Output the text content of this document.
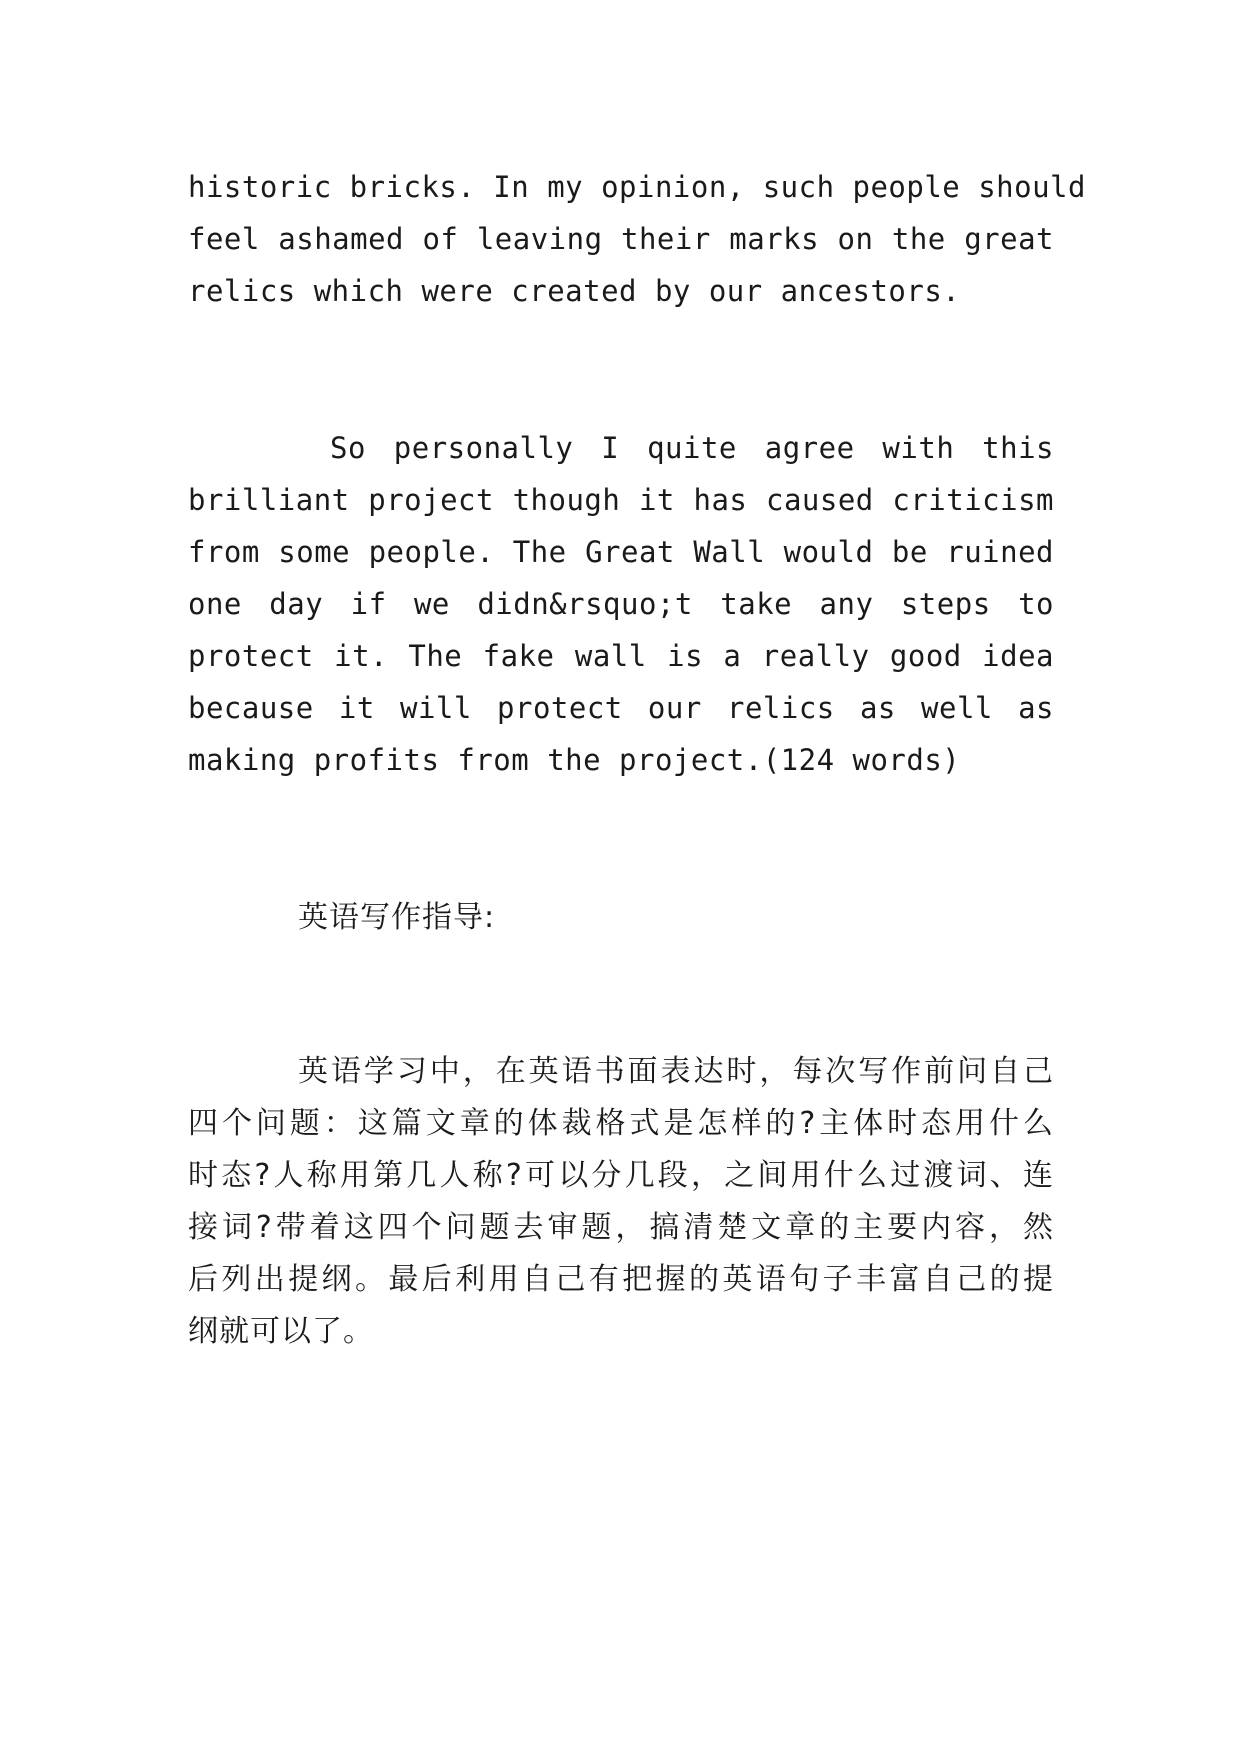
historic bricks. In my opinion, such people should
feel ashamed of leaving their marks on the great
relics which were created by our ancestors.
So personally I quite agree with this
brilliant project though it has caused criticism
from some people. The Great Wall would be ruined
one day if we didn&rsquo;t take any steps to
protect it. The fake wall is a really good idea
because it will protect our relics as well as
making profits from the project.(124 words)
英语写作指导:
英语学习中，在英语书面表达时，每次写作前问自己
四个问题：这篇文章的体裁格式是怎样的?主体时态用什么
时态?人称用第几人称?可以分几段，之间用什么过渡词、连
接词?带着这四个问题去审题，搞清楚文章的主要内容，然
后列出提纲。最后利用自己有把握的英语句子丰富自己的提
纲就可以了。
